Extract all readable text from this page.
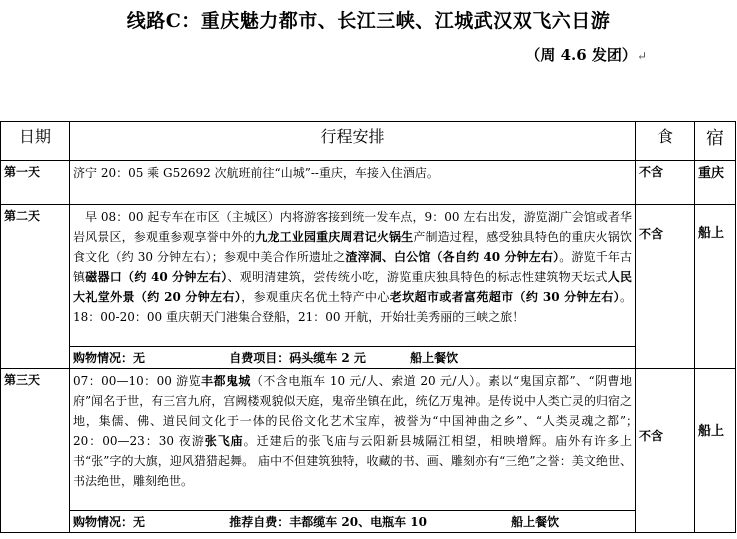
线路C：重庆魅力都市、长江三峡、江城武汉双飞六日游
（周 4.6 发团）↵
日期	行程安排	食	宿
第一天	济宁 20：05 乘 G52692 次航班前往“山城”--重庆，车接入住酒店。	不含	重庆
第二天	早 08：00 起专车在市区（主城区）内将游客接到统一发车点，9：00 左右出发，游览湖广会馆或者华岩风景区，参观重参观享誉中外的九龙工业园重庆周君记火锅生产制造过程，感受独具特色的重庆火锅饮食文化（约 30 分钟左右）；参观中美合作所遗址之渣滓洞、白公馆（各自约 40 分钟左右）。游览千年古镇磁器口（约 40 分钟左右）、观明清建筑，尝传统小吃，游览重庆独具特色的标志性建筑物天坛式人民大礼堂外景（约 20 分钟左右），参观重庆名优土特产中心老坎超市或者富苑超市（约 30 分钟左右）。18：00-20：00 重庆朝天门港集合登船，21：00 开航，开始壮美秀丽的三峡之旅！	不含	船上
	购物情况：无 自费项目：码头缆车 2 元 船上餐饮		
第三天	07：00—10：00 游览丰都鬼城（不含电瓶车 10 元/人、索道 20 元/人）。素以“鬼国京都”、“阴曹地府”闻名于世，有三宫九府，宫阙楼观貌似天庭，鬼帝坐镇在此，统亿万鬼神。是传说中人类亡灵的归宿之地，集儒、佛、道民间文化于一体的民俗文化艺术宝库，被誉为“中国神曲之乡”、“人类灵魂之都”；　20：00—23：30 夜游张飞庙。迁建后的张飞庙与云阳新县城隔江相望，相映增辉。庙外有许多上书“张”字的大旗，迎风猎猎起舞。 庙中不但建筑独特，收藏的书、画、雕刻亦有“三绝”之誉：美文绝世、书法绝世，雕刻绝世。	不含	船上
	购物情况：无 推荐自费：丰都缆车 20、电瓶车 10 船上餐饮		
